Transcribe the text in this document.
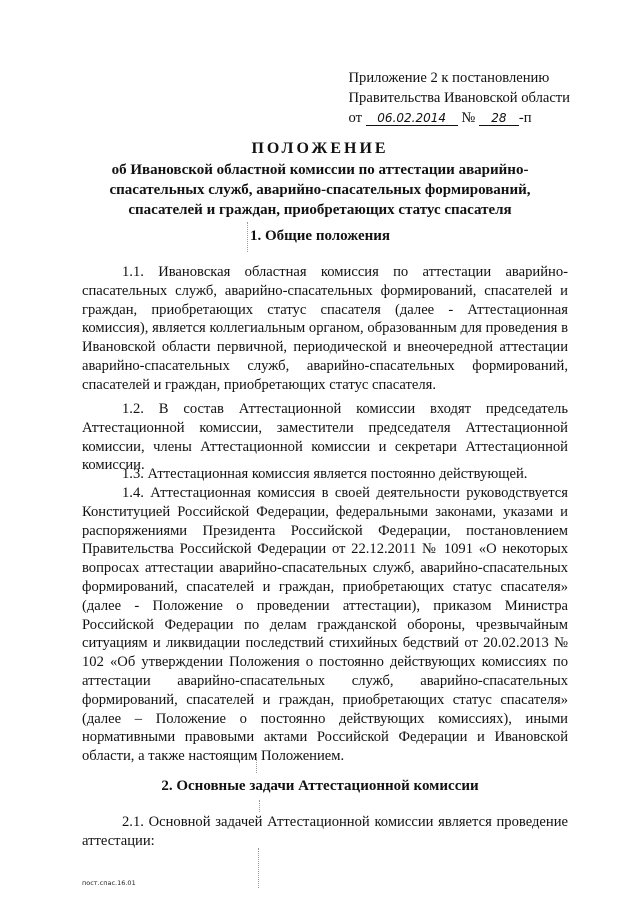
Приложение 2 к постановлению
Правительства Ивановской области
от 06.02.2014 № 28 -п
ПОЛОЖЕНИЕ
об Ивановской областной комиссии по аттестации аварийно-
спасательных служб, аварийно-спасательных формирований,
спасателей и граждан, приобретающих статус спасателя
1. Общие положения
1.1. Ивановская областная комиссия по аттестации аварийно-спасательных служб, аварийно-спасательных формирований, спасателей и граждан, приобретающих статус спасателя (далее - Аттестационная комиссия), является коллегиальным органом, образованным для проведения в Ивановской области первичной, периодической и внеочередной аттестации аварийно-спасательных служб, аварийно-спасательных формирований, спасателей и граждан, приобретающих статус спасателя.
1.2. В состав Аттестационной комиссии входят председатель Аттестационной комиссии, заместители председателя Аттестационной комиссии, члены Аттестационной комиссии и секретари Аттестационной комиссии.
1.3. Аттестационная комиссия является постоянно действующей.
1.4. Аттестационная комиссия в своей деятельности руководствуется Конституцией Российской Федерации, федеральными законами, указами и распоряжениями Президента Российской Федерации, постановлением Правительства Российской Федерации от 22.12.2011 № 1091 «О некоторых вопросах аттестации аварийно-спасательных служб, аварийно-спасательных формирований, спасателей и граждан, приобретающих статус спасателя» (далее - Положение о проведении аттестации), приказом Министра Российской Федерации по делам гражданской обороны, чрезвычайным ситуациям и ликвидации последствий стихийных бедствий от 20.02.2013 № 102 «Об утверждении Положения о постоянно действующих комиссиях по аттестации аварийно-спасательных служб, аварийно-спасательных формирований, спасателей и граждан, приобретающих статус спасателя» (далее – Положение о постоянно действующих комиссиях), иными нормативными правовыми актами Российской Федерации и Ивановской области, а также настоящим Положением.
2. Основные задачи Аттестационной комиссии
2.1. Основной задачей Аттестационной комиссии является проведение аттестации:
пост.спас.16.01
